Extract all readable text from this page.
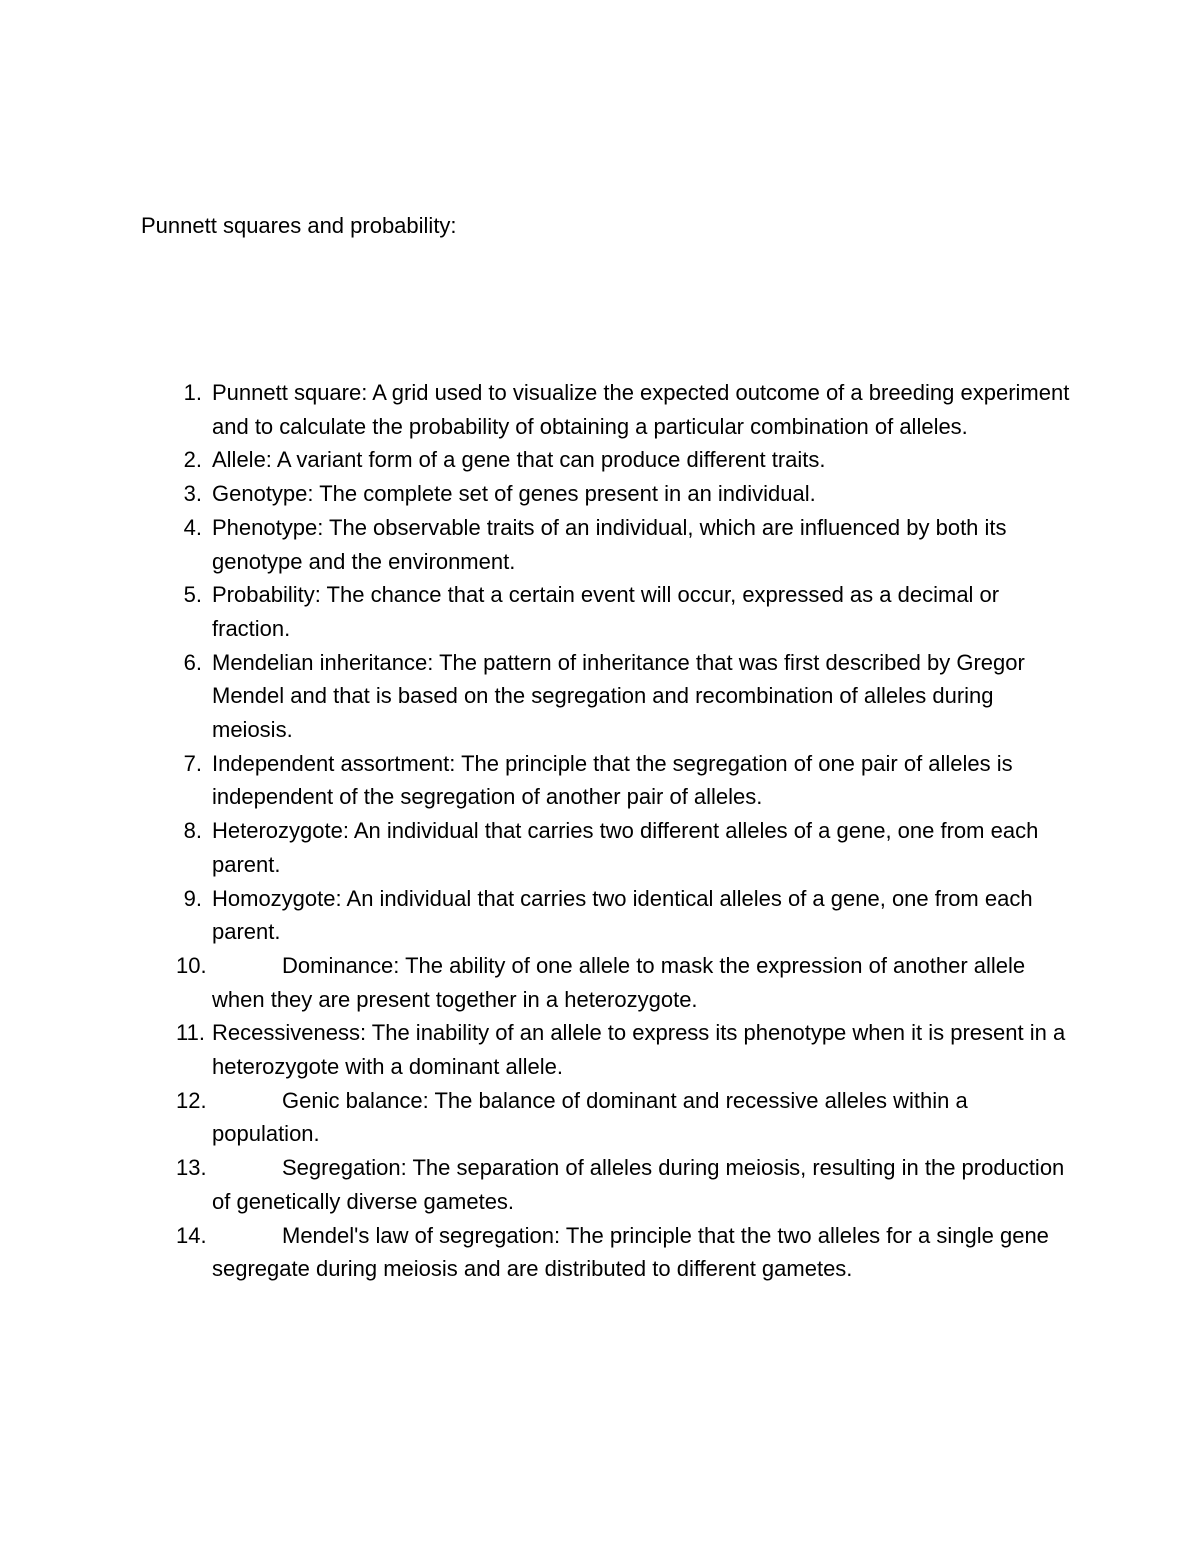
Punnett squares and probability:
1. Punnett square: A grid used to visualize the expected outcome of a breeding experiment and to calculate the probability of obtaining a particular combination of alleles.
2. Allele: A variant form of a gene that can produce different traits.
3. Genotype: The complete set of genes present in an individual.
4. Phenotype: The observable traits of an individual, which are influenced by both its genotype and the environment.
5. Probability: The chance that a certain event will occur, expressed as a decimal or fraction.
6. Mendelian inheritance: The pattern of inheritance that was first described by Gregor Mendel and that is based on the segregation and recombination of alleles during meiosis.
7. Independent assortment: The principle that the segregation of one pair of alleles is independent of the segregation of another pair of alleles.
8. Heterozygote: An individual that carries two different alleles of a gene, one from each parent.
9. Homozygote: An individual that carries two identical alleles of a gene, one from each parent.
10.	Dominance: The ability of one allele to mask the expression of another allele when they are present together in a heterozygote.
11. Recessiveness: The inability of an allele to express its phenotype when it is present in a heterozygote with a dominant allele.
12.	Genic balance: The balance of dominant and recessive alleles within a population.
13.	Segregation: The separation of alleles during meiosis, resulting in the production of genetically diverse gametes.
14.	Mendel's law of segregation: The principle that the two alleles for a single gene segregate during meiosis and are distributed to different gametes.
